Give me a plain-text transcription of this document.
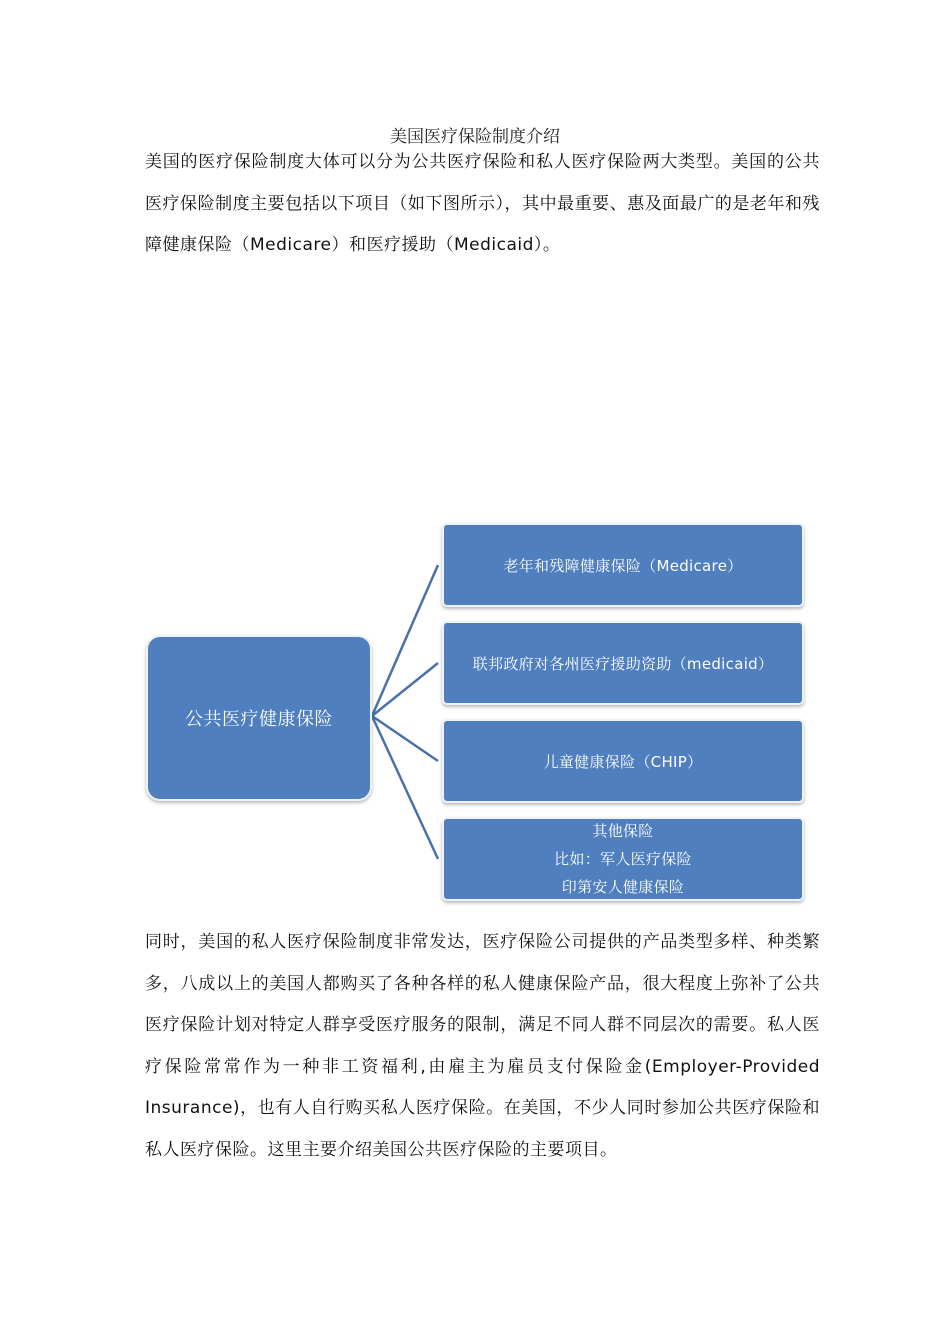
美国医疗保险制度介绍
美国的医疗保险制度大体可以分为公共医疗保险和私人医疗保险两大类型。美国的公共医疗保险制度主要包括以下项目（如下图所示），其中最重要、惠及面最广的是老年和残障健康保险（Medicare）和医疗援助（Medicaid）。
公共医疗健康保险
老年和残障健康保险（Medicare）
联邦政府对各州医疗援助资助（medicaid）
儿童健康保险（CHIP）
其他保险
比如：军人医疗保险
印第安人健康保险
同时，美国的私人医疗保险制度非常发达，医疗保险公司提供的产品类型多样、种类繁多，八成以上的美国人都购买了各种各样的私人健康保险产品，很大程度上弥补了公共医疗保险计划对特定人群享受医疗服务的限制，满足不同人群不同层次的需要。私人医疗保险常常作为一种非工资福利,由雇主为雇员支付保险金(Employer-Provided Insurance)，也有人自行购买私人医疗保险。在美国，不少人同时参加公共医疗保险和私人医疗保险。这里主要介绍美国公共医疗保险的主要项目。
